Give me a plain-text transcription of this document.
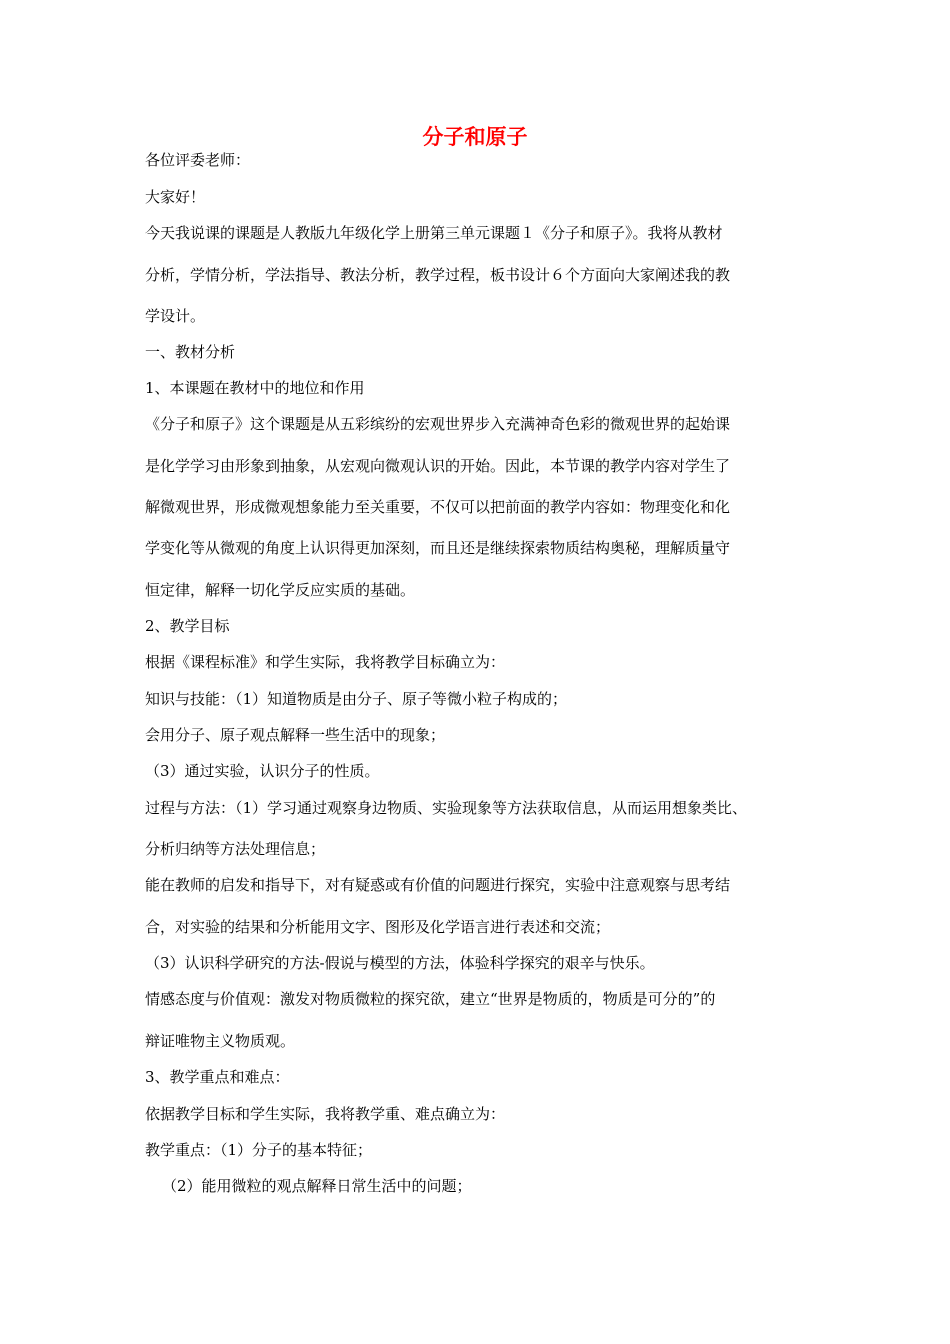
分子和原子

各位评委老师：

大家好！

今天我说课的课题是人教版九年级化学上册第三单元课题１《分子和原子》。我将从教材

分析，学情分析，学法指导、教法分析，教学过程，板书设计６个方面向大家阐述我的教

学设计。

一、教材分析

1、本课题在教材中的地位和作用

《分子和原子》这个课题是从五彩缤纷的宏观世界步入充满神奇色彩的微观世界的起始课

是化学学习由形象到抽象，从宏观向微观认识的开始。因此，本节课的教学内容对学生了

解微观世界，形成微观想象能力至关重要，不仅可以把前面的教学内容如：物理变化和化

学变化等从微观的角度上认识得更加深刻，而且还是继续探索物质结构奥秘，理解质量守

恒定律，解释一切化学反应实质的基础。

2、教学目标

根据《课程标准》和学生实际，我将教学目标确立为：

知识与技能：（1）知道物质是由分子、原子等微小粒子构成的；

会用分子、原子观点解释一些生活中的现象；

（3）通过实验，认识分子的性质。

过程与方法：（1）学习通过观察身边物质、实验现象等方法获取信息，从而运用想象类比、

分析归纳等方法处理信息；

能在教师的启发和指导下，对有疑惑或有价值的问题进行探究，实验中注意观察与思考结

合，对实验的结果和分析能用文字、图形及化学语言进行表述和交流；

（3）认识科学研究的方法-假说与模型的方法，体验科学探究的艰辛与快乐。

情感态度与价值观：激发对物质微粒的探究欲，建立“世界是物质的，物质是可分的”的

辩证唯物主义物质观。

3、教学重点和难点：

依据教学目标和学生实际，我将教学重、难点确立为：

教学重点：（1）分子的基本特征；

（2）能用微粒的观点解释日常生活中的问题；
